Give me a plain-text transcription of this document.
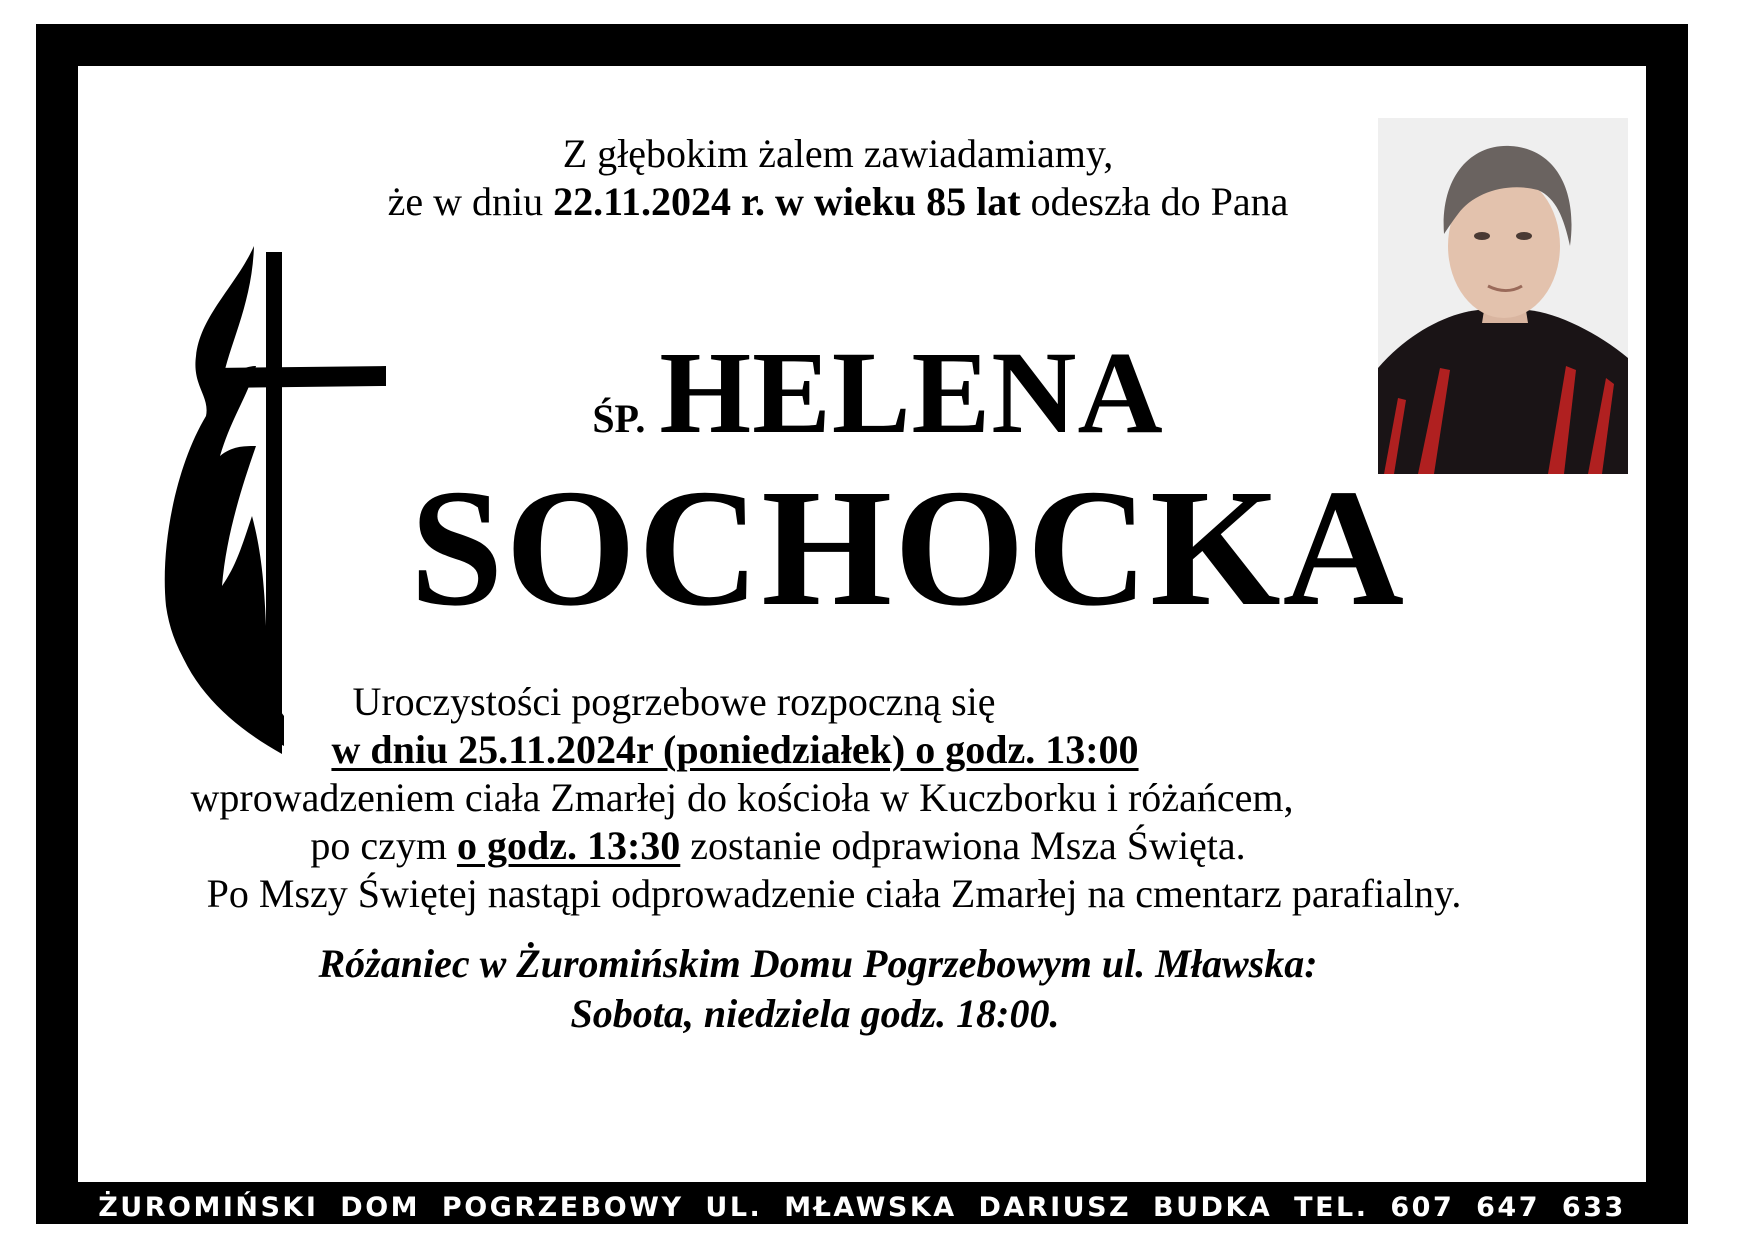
Z głębokim żalem zawiadamiamy,
że w dniu 22.11.2024 r. w wieku 85 lat odeszła do Pana
ŚP. HELENA
SOCHOCKA
Uroczystości pogrzebowe rozpoczną się
w dniu 25.11.2024r (poniedziałek) o godz. 13:00
wprowadzeniem ciała Zmarłej do kościoła w Kuczborku i różańcem,
po czym o godz. 13:30 zostanie odprawiona Msza Święta.
Po Mszy Świętej nastąpi odprowadzenie ciała Zmarłej na cmentarz parafialny.
Różaniec w Żuromińskim Domu Pogrzebowym ul. Mławska:
Sobota, niedziela godz. 18:00.
ŻUROMIŃSKI DOM POGRZEBOWY UL. MŁAWSKA DARIUSZ BUDKA TEL. 607 647 633
